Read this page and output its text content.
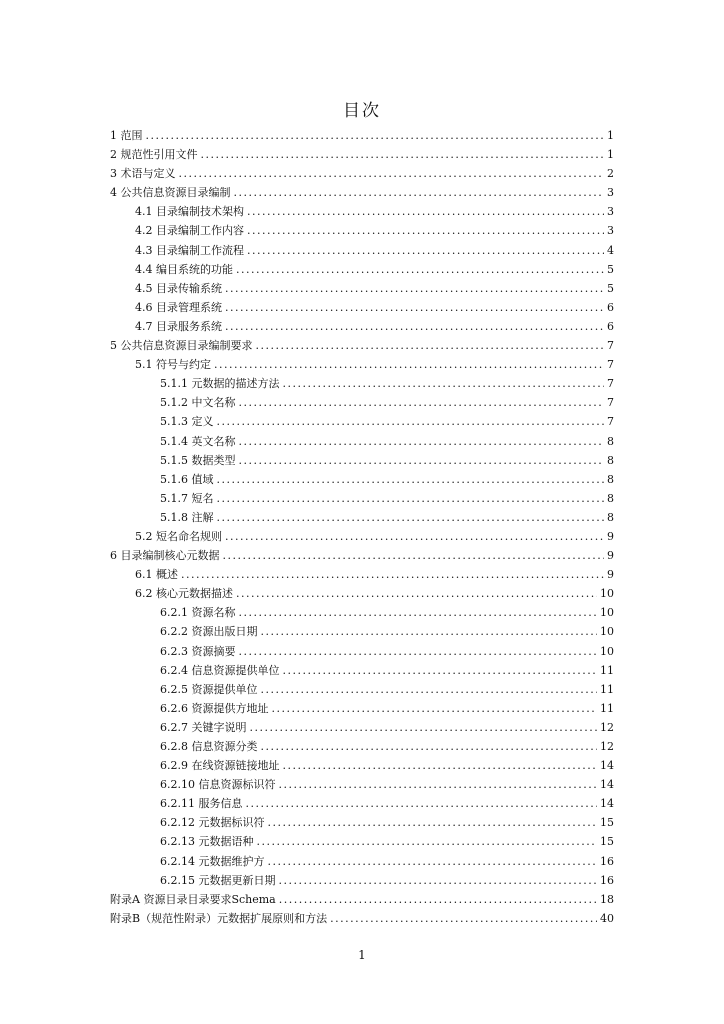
目次
1 范围 .....	1
2 规范性引用文件 .....	1
3 术语与定义 .....	2
4 公共信息资源目录编制 .....	3
4.1 目录编制技术架构 .....	3
4.2 目录编制工作内容 .....	3
4.3 目录编制工作流程 .....	4
4.4 编目系统的功能 .....	5
4.5 目录传输系统 .....	5
4.6 目录管理系统 .....	6
4.7 目录服务系统 .....	6
5 公共信息资源目录编制要求 .....	7
5.1 符号与约定 .....	7
5.1.1 元数据的描述方法 .....	7
5.1.2 中文名称 .....	7
5.1.3 定义 .....	7
5.1.4 英文名称 .....	8
5.1.5 数据类型 .....	8
5.1.6 值域 .....	8
5.1.7 短名 .....	8
5.1.8 注解 .....	8
5.2 短名命名规则 .....	9
6 目录编制核心元数据 .....	9
6.1 概述 .....	9
6.2 核心元数据描述 .....	10
6.2.1 资源名称 .....	10
6.2.2 资源出版日期 .....	10
6.2.3 资源摘要 .....	10
6.2.4 信息资源提供单位 .....	11
6.2.5 资源提供单位 .....	11
6.2.6 资源提供方地址 .....	11
6.2.7 关键字说明 .....	12
6.2.8 信息资源分类 .....	12
6.2.9 在线资源链接地址 .....	14
6.2.10 信息资源标识符 .....	14
6.2.11 服务信息 .....	14
6.2.12 元数据标识符 .....	15
6.2.13 元数据语种 .....	15
6.2.14 元数据维护方 .....	16
6.2.15 元数据更新日期 .....	16
附录A 资源目录目录要求Schema .....	18
附录B（规范性附录）元数据扩展原则和方法 .....	40
1
